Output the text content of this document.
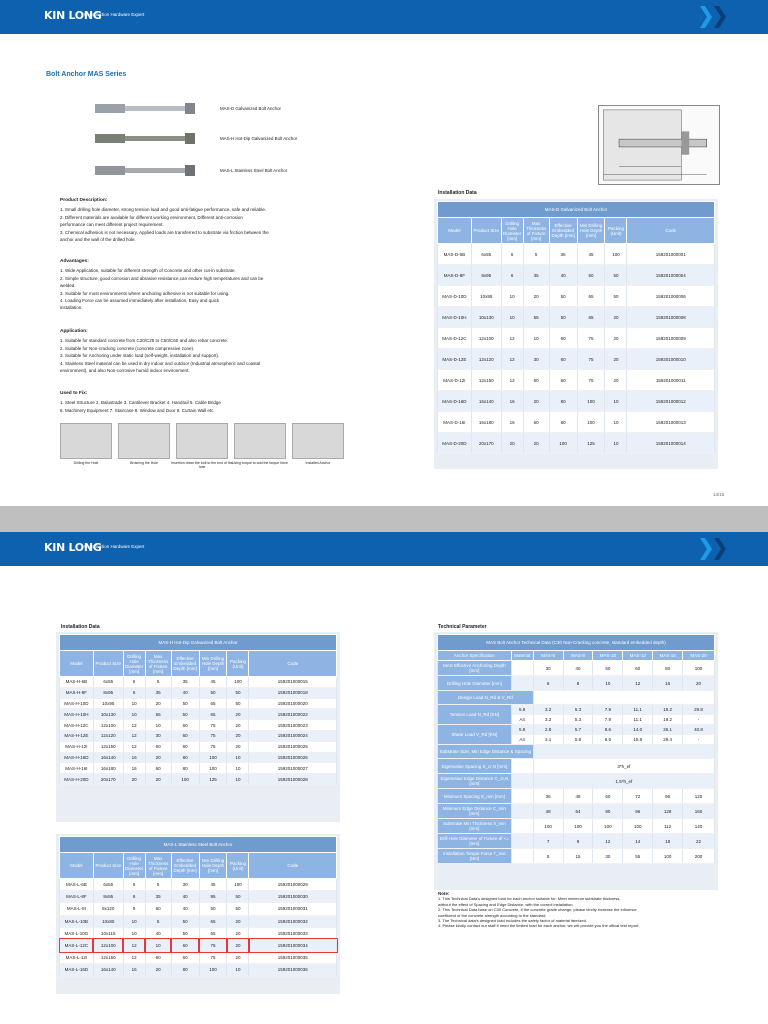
KIN LONG
Construction Hardware Expert
Bolt Anchor MAS Series
MAS-D Galvanized Bolt Anchor
MAS-H Hot-Dip Galvanized Bolt Anchor
MAS-L Stainless Steel Bolt Anchor
Product Description:
1. Small drilling hole diameter, strong tension load and good anti-fatigue performance, safe and reliable.
2. Different materials are available for different working environment, Different anti-corrosion
performance can meet different project requirement.
3. Chemical adhesion is not necessary, Applied loads are transferred to substrate via friction between the
anchor and the wall of the drilled hole.
Advantages:
1. Wide Application, suitable for different strength of Concrete and other cut-in substrate.
2. Simple structure, good corrosion and abrasive resistance,can endure high temperatures and can be
welded.
3. Suitable for most environments where anchoring adhesive is not suitable for using.
4. Loading Force can be assumed immediately after installation, Easy and quick
installation.
Application:
1. Suitable for standard concrete from C20/C25 to C50/C60 and also rebar concrete.
2. Suitable for Non-cracking concrete (concrete compressive zone).
3. Suitable for Anchoring under static load (self-weight, installation and support).
4. Stainless Steel material can be used in dry indoor and outdoor (Industrial atmospheric and coastal
environment), and also Non-corrosive humid indoor environment.
Used to Fix:
1. Steel Structure 2. Balustrade 3. Cantilever Bracket 4. Handrail 5. Cable Bridge
6. Machinery Equipment 7. Staircase 8. Window and Door 9. Curtain Wall etc
Drilling the Hole	Brushing the Hole	Insertion down the bolt to the end of the hole
Using torque to add the torque force	Installed Anchor
Installation Data
MAS-D Galvanized Bolt Anchor							
Model	Product Size	Drilling Hole Diameter [mm]	Max Thickness of Fixture [mm]	Effective Embedded Depth [mm]	Min Drilling Hole Depth [mm]	Packing (Unit)	Code
MAS-D-6B	6x55	6	5	35	45	100	159201000001
MAS-D-8F	8x95	6	35	40	50	50	159201000004
MAS-D-10D	10x95	10	20	50	65	50	159201000006
MAS-D-10H	10x130	10	55	50	65	20	159201000008
MAS-D-12C	12x100	12	10	60	75	20	159201000009
MAS-D-12E	12x120	12	30	60	75	20	159201000010
MAS-D-12I	12x150	12	60	60	75	20	159201000011
MAS-D-16D	16x140	16	20	80	100	10	159201000012
MAS-D-16I	16x180	16	60	80	100	10	159201000013
MAS-D-20D	20x170	20	20	100	125	10	159201000014
14/15
KIN LONG
Construction Hardware Expert
Installation Data
MAS-H Hot-Dip Galvanized Bolt Anchor							
Model	Product Size	Drilling Hole Diameter [mm]	Max Thickness of Fixture [mm]	Effective Embedded Depth [mm]	Min Drilling Hole Depth [mm]	Packing (Unit)	Code
MAS-H-6B	6x55	6	5	35	45	100	159201000015
MAS-H-8F	8x95	6	35	40	50	50	159201000018
MAS-H-10D	10x95	10	20	50	65	50	159201000020
MAS-H-10H	10x130	10	55	50	65	20	159201000022
MAS-H-12C	12x100	12	10	60	75	20	159201000023
MAS-H-12E	12x120	12	30	60	75	20	159201000024
MAS-H-12I	12x150	12	60	60	75	20	159201000025
MAS-H-16D	16x140	16	20	80	100	10	159201000026
MAS-H-16I	16x180	16	60	80	100	10	159201000027
MAS-H-20D	20x170	20	20	100	125	10	159201000028
MAS-L Stainless Steel Bolt Anchor							
Model	Product Size	Drilling Hole Diameter [mm]	Max Thickness of Fixture [mm]	Effective Embedded Depth [mm]	Min Drilling Hole Depth [mm]	Packing (Unit)	Code
MAS-L-6B	6x55	6	5	30	45	100	159201000029
MAS-L-8F	8x95	6	35	40	95	50	159201000030
MAS-L-8I	8x120	8	60	40	50	50	159201000031
MAS-L-10B	10x80	10	5	50	65	20	159201000032
MAS-L-10G	10x115	10	40	50	65	20	159201000033
MAS-L-12C	12x100	12	10	60	75	20	159201000034
MAS-L-12I	12x150	12	60	60	75	20	159201000035
MAS-L-16D	16x140	16	20	80	100	10	159201000036
Technical Parameter
MAS Bolt Anchor Technical Data (C30 Non-Cracking concrete, standard embedded depth)							
Anchor Specification	Material	MAS-6	MAS-8	MAS-10	MAS-12	MAS-16	MAS-20
MAS Effective Anchoring Depth [mm]		30	40	50	60	80	100
Drilling Hole Diameter [mm]		6	8	10	12	16	20
Design Load N_Rd & V_Rd							
Tension Load N_Rd [KN]	5.8	3.2	5.3	7.9	11.1	19.2	29.8
	A4	3.2	5.3	7.9	11.1	19.2	-
Shear Load V_Rd [KN]	5.8	2.8	5.7	8.6	14.0	26.1	40.8
	A4	3.1	5.8	8.6	15.8	29.4	-
Substrate Size, Min Edge Distance & Spacing							
Eigenvalue Spacing S_cr,N [mm]		3*h_ef					
Eigenvalue Edge Distance C_cr,N [mm]		1.5*h_ef					
Minimum Spacing S_min [mm]		36	48	60	72	96	120
Minimum Edge Distance C_min [mm]		48	64	80	96	128	160
Substrate Min Thickness h_min [mm]		100	100	100	100	112	140
Drill Hole Diameter of Fixture df <= [mm]		7	9	12	14	18	22
Installation Torque Force T_inst [Nm]		5	15	30	55	100	200
Note:
1. This Technical Data's designed load for each anchor suitable for: Meet minimum substrate thickness,
without the effect of Spacing and Edge Distance, with the correct installation.
2. This Technical Data base on C30 Concrete, if the concrete grade change, please kindly increase the influence
coefficient of the concrete strength according to the standard.
3. The Technical data's designed load includes the safety factor of material itemized.
4. Please kindly contact our staff if need the limited load for each anchor, we will provide you the offical test report.
